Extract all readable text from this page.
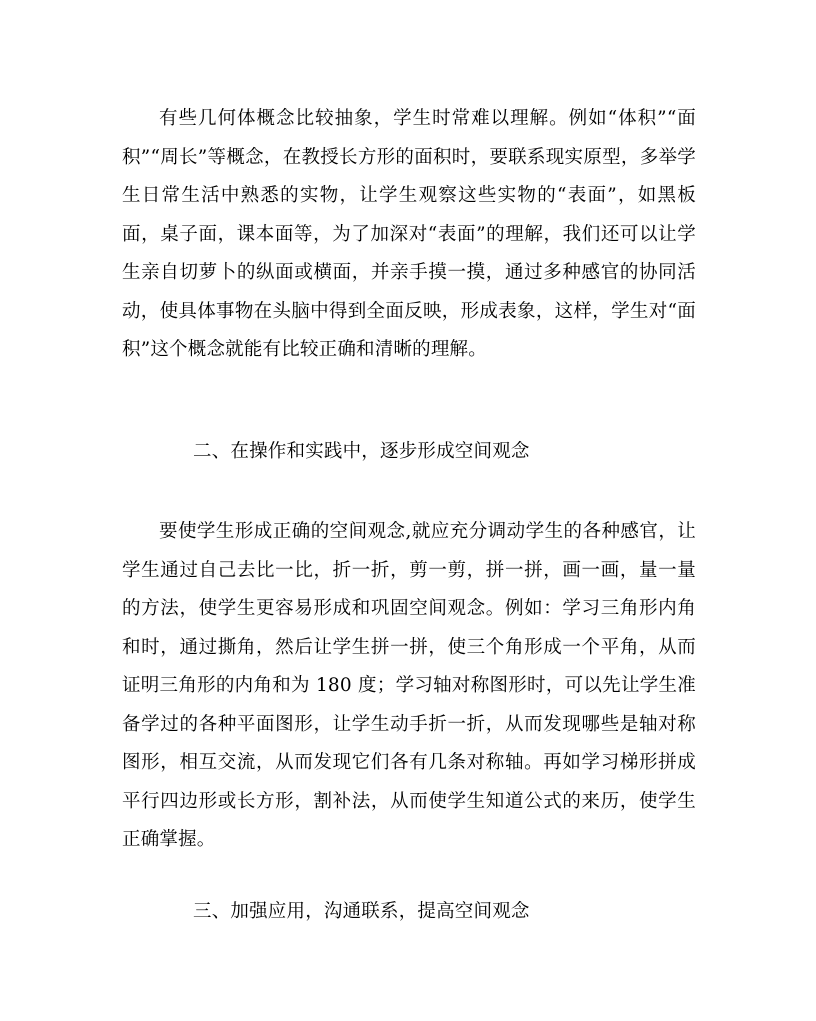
有些几何体概念比较抽象，学生时常难以理解。例如“体积”“面积”“周长”等概念，在教授长方形的面积时，要联系现实原型，多举学生日常生活中熟悉的实物，让学生观察这些实物的“表面”，如黑板面，桌子面，课本面等，为了加深对“表面”的理解，我们还可以让学生亲自切萝卜的纵面或横面，并亲手摸一摸，通过多种感官的协同活动，使具体事物在头脑中得到全面反映，形成表象，这样，学生对“面积”这个概念就能有比较正确和清晰的理解。

二、在操作和实践中，逐步形成空间观念

要使学生形成正确的空间观念,就应充分调动学生的各种感官，让学生通过自己去比一比，折一折，剪一剪，拼一拼，画一画，量一量的方法，使学生更容易形成和巩固空间观念。例如：学习三角形内角和时，通过撕角，然后让学生拼一拼，使三个角形成一个平角，从而证明三角形的内角和为 180 度；学习轴对称图形时，可以先让学生准备学过的各种平面图形，让学生动手折一折，从而发现哪些是轴对称图形，相互交流，从而发现它们各有几条对称轴。再如学习梯形拼成平行四边形或长方形，割补法，从而使学生知道公式的来历，使学生正确掌握。

三、加强应用，沟通联系，提高空间观念
